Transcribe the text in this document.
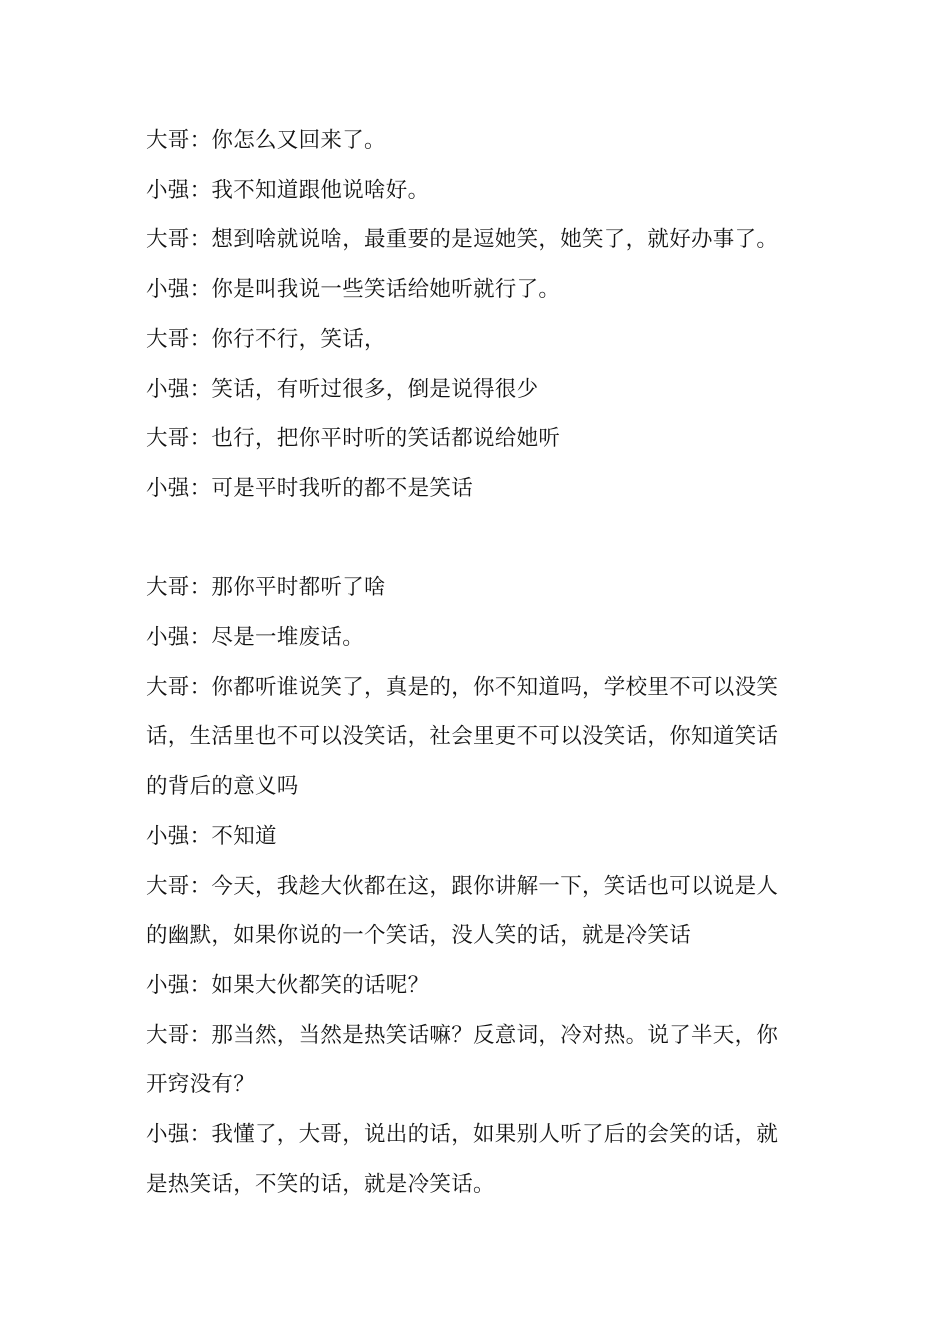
大哥：你怎么又回来了。

小强：我不知道跟他说啥好。

大哥：想到啥就说啥，最重要的是逗她笑，她笑了，就好办事了。

小强：你是叫我说一些笑话给她听就行了。

大哥：你行不行，笑话，

小强：笑话，有听过很多，倒是说得很少

大哥：也行，把你平时听的笑话都说给她听

小强：可是平时我听的都不是笑话

大哥：那你平时都听了啥

小强：尽是一堆废话。

大哥：你都听谁说笑了，真是的，你不知道吗，学校里不可以没笑话，生活里也不可以没笑话，社会里更不可以没笑话，你知道笑话的背后的意义吗

小强：不知道

大哥：今天，我趁大伙都在这，跟你讲解一下，笑话也可以说是人的幽默，如果你说的一个笑话，没人笑的话，就是冷笑话

小强：如果大伙都笑的话呢？

大哥：那当然，当然是热笑话嘛？反意词，冷对热。说了半天，你开窍没有？

小强：我懂了，大哥，说出的话，如果别人听了后的会笑的话，就是热笑话，不笑的话，就是冷笑话。
